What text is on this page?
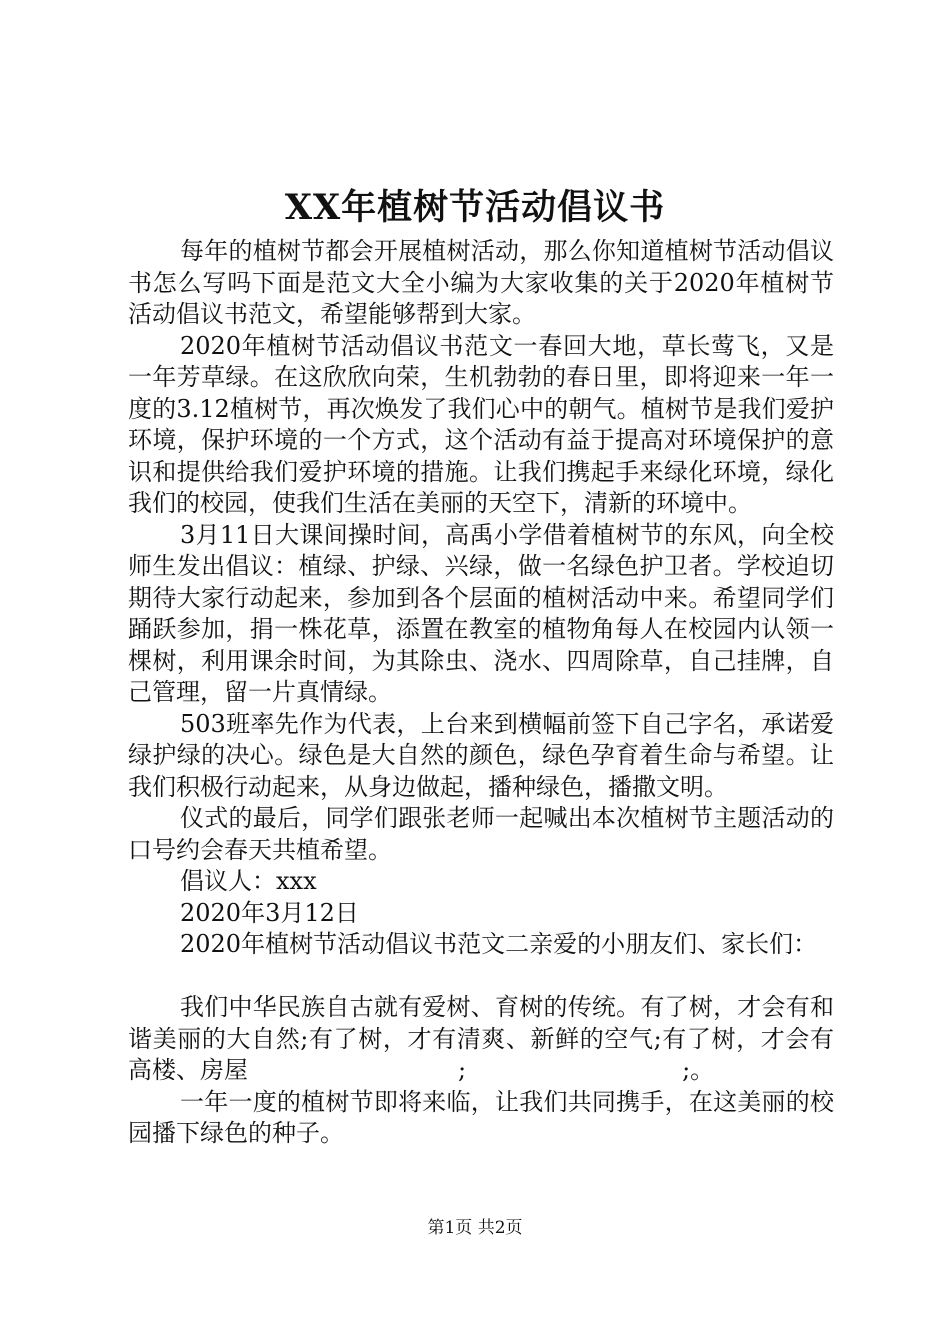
XX年植树节活动倡议书

每年的植树节都会开展植树活动，那么你知道植树节活动倡议书怎么写吗下面是范文大全小编为大家收集的关于2020年植树节活动倡议书范文，希望能够帮到大家。

2020年植树节活动倡议书范文一春回大地，草长莺飞，又是一年芳草绿。在这欣欣向荣，生机勃勃的春日里，即将迎来一年一度的3.12植树节，再次焕发了我们心中的朝气。植树节是我们爱护环境，保护环境的一个方式，这个活动有益于提高对环境保护的意识和提供给我们爱护环境的措施。让我们携起手来绿化环境，绿化我们的校园，使我们生活在美丽的天空下，清新的环境中。

3月11日大课间操时间，高禹小学借着植树节的东风，向全校师生发出倡议：植绿、护绿、兴绿，做一名绿色护卫者。学校迫切期待大家行动起来，参加到各个层面的植树活动中来。希望同学们踊跃参加，捐一株花草，添置在教室的植物角每人在校园内认领一棵树，利用课余时间，为其除虫、浇水、四周除草，自己挂牌，自己管理，留一片真情绿。

503班率先作为代表，上台来到横幅前签下自己字名，承诺爱绿护绿的决心。绿色是大自然的颜色，绿色孕育着生命与希望。让我们积极行动起来，从身边做起，播种绿色，播撒文明。

仪式的最后，同学们跟张老师一起喊出本次植树节主题活动的口号约会春天共植希望。

倡议人：xxx

2020年3月12日

2020年植树节活动倡议书范文二亲爱的小朋友们、家长们：

我们中华民族自古就有爱树、育树的传统。有了树，才会有和谐美丽的大自然;有了树，才有清爽、新鲜的空气;有了树，才会有高楼、房屋	;	;。

一年一度的植树节即将来临，让我们共同携手，在这美丽的校园播下绿色的种子。

第1页 共2页
